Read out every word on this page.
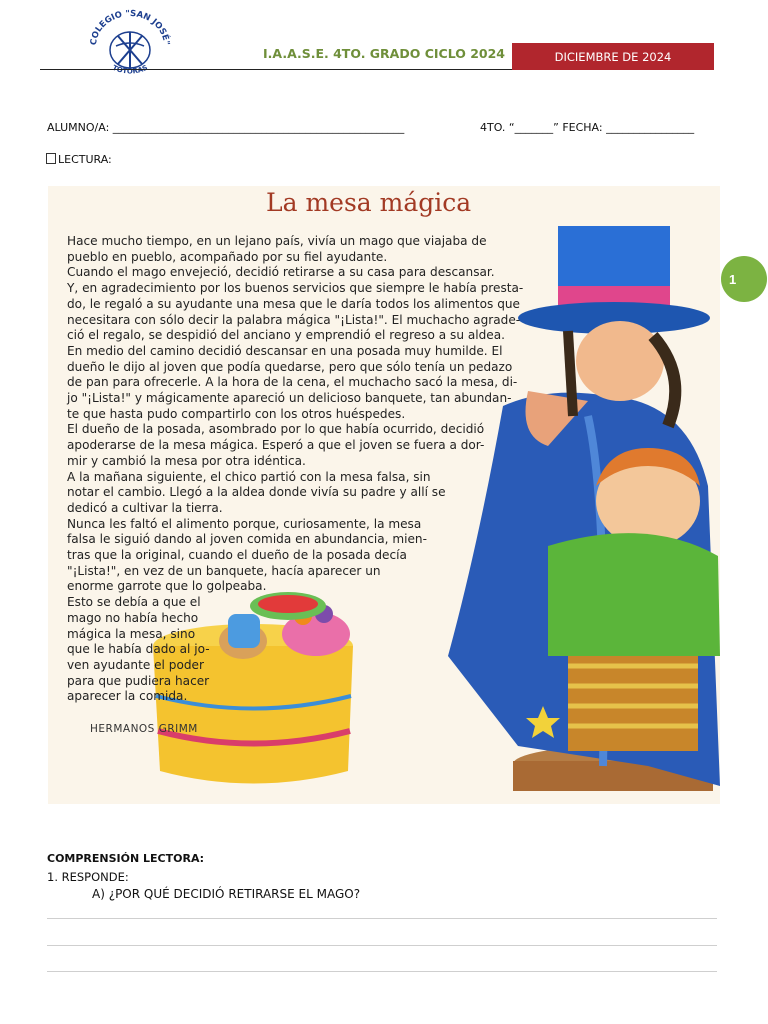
COLEGIO "SAN JOSÉ"
TOTORAS
I.A.A.S.E. 4TO. GRADO CICLO 2024	DICIEMBRE DE 2024
ALUMNO/A: _____________________________________________________	4TO. “_______” FECHA: ________________
LECTURA:
La mesa mágica

Hace mucho tiempo, en un lejano país, vivía un mago que viajaba de

pueblo en pueblo, acompañado por su fiel ayudante.

Cuando el mago envejeció, decidió retirarse a su casa para descansar.

Y, en agradecimiento por los buenos servicios que siempre le había presta-

do, le regaló a su ayudante una mesa que le daría todos los alimentos que

necesitara con sólo decir la palabra mágica "¡Lista!". El muchacho agrade-

ció el regalo, se despidió del anciano y emprendió el regreso a su aldea.

En medio del camino decidió descansar en una posada muy humilde. El

dueño le dijo al joven que podía quedarse, pero que sólo tenía un pedazo

de pan para ofrecerle. A la hora de la cena, el muchacho sacó la mesa, di-

jo "¡Lista!" y mágicamente apareció un delicioso banquete, tan abundan-

te que hasta pudo compartirlo con los otros huéspedes.

El dueño de la posada, asombrado por lo que había ocurrido, decidió

apoderarse de la mesa mágica. Esperó a que el joven se fuera a dor-

mir y cambió la mesa por otra idéntica.

A la mañana siguiente, el chico partió con la mesa falsa, sin

notar el cambio. Llegó a la aldea donde vivía su padre y allí se

dedicó a cultivar la tierra.

Nunca les faltó el alimento porque, curiosamente, la mesa

falsa le siguió dando al joven comida en abundancia, mien-

tras que la original, cuando el dueño de la posada decía

"¡Lista!", en vez de un banquete, hacía aparecer un

enorme garrote que lo golpeaba.

Esto se debía a que el

mago no había hecho

mágica la mesa, sino

que le había dado al jo-

ven ayudante el poder

para que pudiera hacer

aparecer la comida.

HERMANOS GRIMM
1
COMPRENSIÓN LECTORA:
1. RESPONDE:
A) ¿POR QUÉ DECIDIÓ RETIRARSE EL MAGO?
